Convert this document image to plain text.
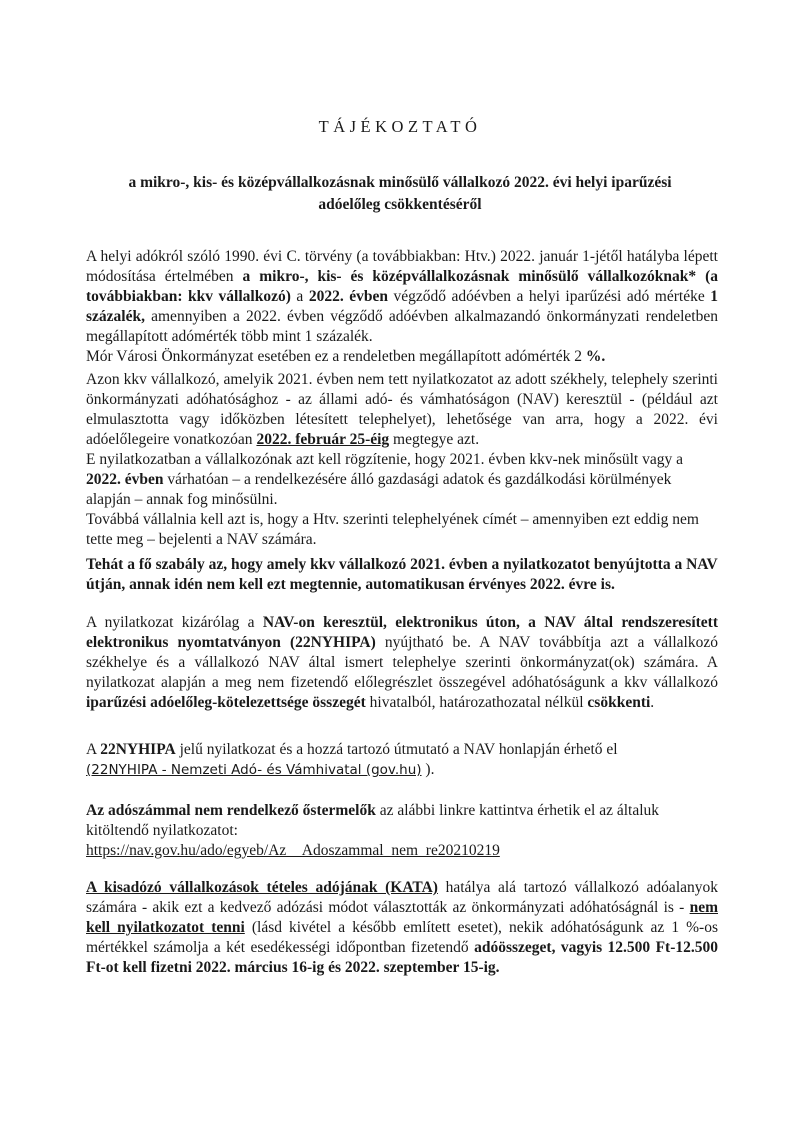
TÁJÉKOZTATÓ
a mikro-, kis- és középvállalkozásnak minősülő vállalkozó 2022. évi helyi iparűzési
adóelőleg csökkentéséről

A helyi adókról szóló 1990. évi C. törvény (a továbbiakban: Htv.) 2022. január 1-jétől hatályba lépett módosítása értelmében a mikro-, kis- és középvállalkozásnak minősülő vállalkozóknak* (a továbbiakban: kkv vállalkozó) a 2022. évben végződő adóévben a helyi iparűzési adó mértéke 1 százalék, amennyiben a 2022. évben végződő adóévben alkalmazandó önkormányzati rendeletben megállapított adómérték több mint 1 százalék.

Mór Városi Önkormányzat esetében ez a rendeletben megállapított adómérték 2 %.

Azon kkv vállalkozó, amelyik 2021. évben nem tett nyilatkozatot az adott székhely, telephely szerinti önkormányzati adóhatósághoz - az állami adó- és vámhatóságon (NAV) keresztül - (például azt elmulasztotta vagy időközben létesített telephelyet), lehetősége van arra, hogy a 2022. évi adóelőlegeire vonatkozóan 2022. február 25-éig megtegye azt.

E nyilatkozatban a vállalkozónak azt kell rögzítenie, hogy 2021. évben kkv-nek minősült vagy a 2022. évben várhatóan – a rendelkezésére álló gazdasági adatok és gazdálkodási körülmények alapján – annak fog minősülni.

Továbbá vállalnia kell azt is, hogy a Htv. szerinti telephelyének címét – amennyiben ezt eddig nem tette meg – bejelenti a NAV számára.

Tehát a fő szabály az, hogy amely kkv vállalkozó 2021. évben a nyilatkozatot benyújtotta a NAV útján, annak idén nem kell ezt megtennie, automatikusan érvényes 2022. évre is.

A nyilatkozat kizárólag a NAV-on keresztül, elektronikus úton, a NAV által rendszeresített elektronikus nyomtatványon (22NYHIPA) nyújtható be. A NAV továbbítja azt a vállalkozó székhelye és a vállalkozó NAV által ismert telephelye szerinti önkormányzat(ok) számára. A nyilatkozat alapján a meg nem fizetendő előlegrészlet összegével adóhatóságunk a kkv vállalkozó iparűzési adóelőleg-kötelezettsége összegét hivatalból, határozathozatal nélkül csökkenti.

A 22NYHIPA jelű nyilatkozat és a hozzá tartozó útmutató a NAV honlapján érhető el

(22NYHIPA - Nemzeti Adó- és Vámhivatal (gov.hu) ).

Az adószámmal nem rendelkező őstermelők az alábbi linkre kattintva érhetik el az általuk kitöltendő nyilatkozatot:

https://nav.gov.hu/ado/egyeb/Az__Adoszammal_nem_re20210219

A kisadózó vállalkozások tételes adójának (KATA) hatálya alá tartozó vállalkozó adóalanyok számára - akik ezt a kedvező adózási módot választották az önkormányzati adóhatóságnál is - nem kell nyilatkozatot tenni (lásd kivétel a később említett esetet), nekik adóhatóságunk az 1 %-os mértékkel számolja a két esedékességi időpontban fizetendő adóösszeget, vagyis 12.500 Ft-12.500 Ft-ot kell fizetni 2022. március 16-ig és 2022. szeptember 15-ig.
